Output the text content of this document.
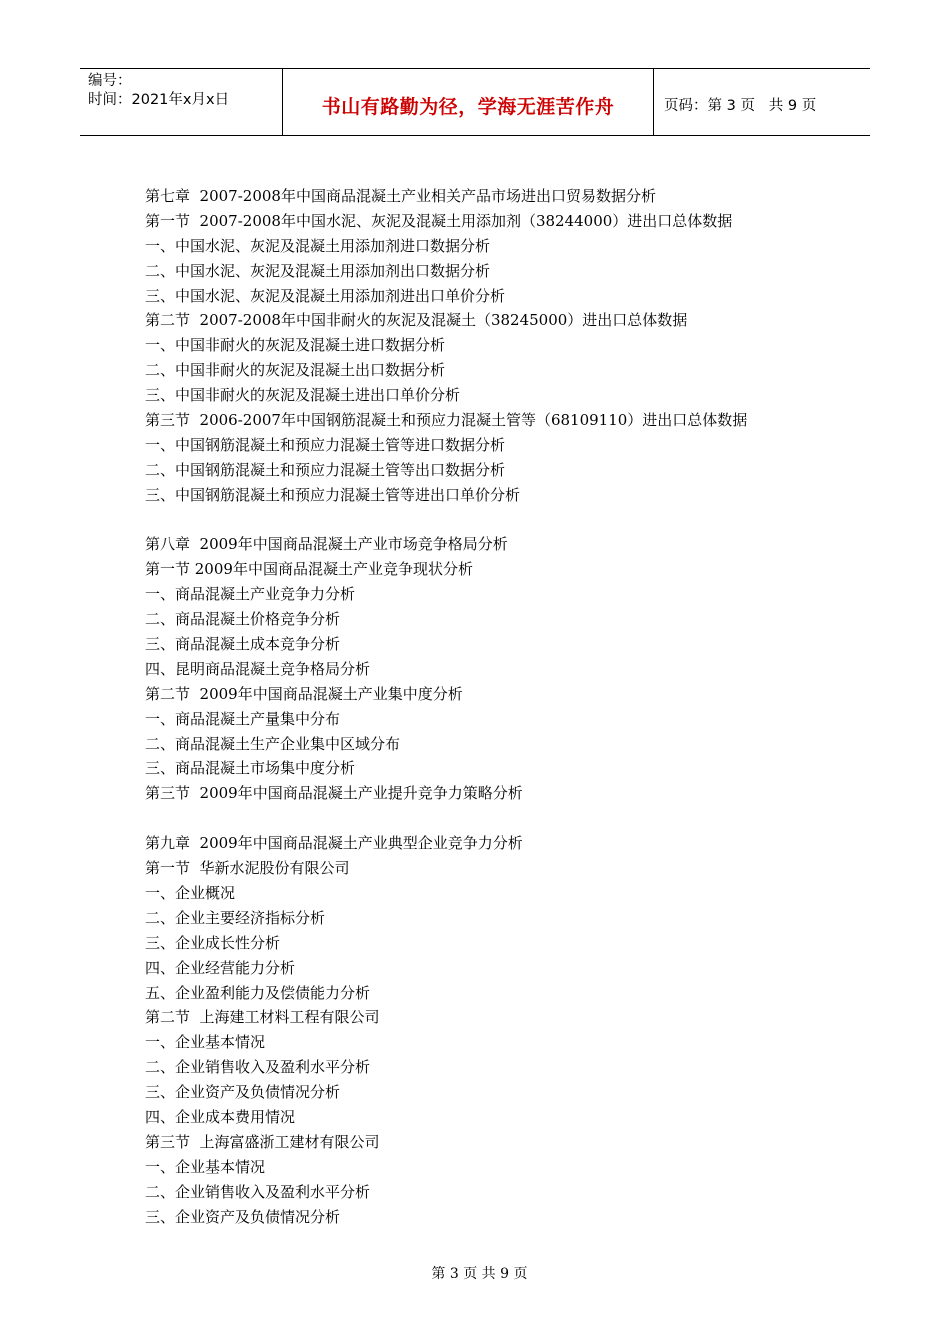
编号：
时间：2021年x月x日	书山有路勤为径，学海无涯苦作舟	页码：第 3 页   共 9 页
第七章  2007-2008年中国商品混凝土产业相关产品市场进出口贸易数据分析
第一节  2007-2008年中国水泥、灰泥及混凝土用添加剂（38244000）进出口总体数据
一、中国水泥、灰泥及混凝土用添加剂进口数据分析
二、中国水泥、灰泥及混凝土用添加剂出口数据分析
三、中国水泥、灰泥及混凝土用添加剂进出口单价分析
第二节  2007-2008年中国非耐火的灰泥及混凝土（38245000）进出口总体数据
一、中国非耐火的灰泥及混凝土进口数据分析
二、中国非耐火的灰泥及混凝土出口数据分析
三、中国非耐火的灰泥及混凝土进出口单价分析
第三节  2006-2007年中国钢筋混凝土和预应力混凝土管等（68109110）进出口总体数据
一、中国钢筋混凝土和预应力混凝土管等进口数据分析
二、中国钢筋混凝土和预应力混凝土管等出口数据分析
三、中国钢筋混凝土和预应力混凝土管等进出口单价分析
第八章  2009年中国商品混凝土产业市场竞争格局分析
第一节 2009年中国商品混凝土产业竞争现状分析
一、商品混凝土产业竞争力分析
二、商品混凝土价格竞争分析
三、商品混凝土成本竞争分析
四、昆明商品混凝土竞争格局分析
第二节  2009年中国商品混凝土产业集中度分析
一、商品混凝土产量集中分布
二、商品混凝土生产企业集中区域分布
三、商品混凝土市场集中度分析
第三节  2009年中国商品混凝土产业提升竞争力策略分析
第九章  2009年中国商品混凝土产业典型企业竞争力分析
第一节  华新水泥股份有限公司
一、企业概况
二、企业主要经济指标分析
三、企业成长性分析
四、企业经营能力分析
五、企业盈利能力及偿债能力分析
第二节  上海建工材料工程有限公司
一、企业基本情况
二、企业销售收入及盈利水平分析
三、企业资产及负债情况分析
四、企业成本费用情况
第三节  上海富盛浙工建材有限公司
一、企业基本情况
二、企业销售收入及盈利水平分析
三、企业资产及负债情况分析

第 3 页 共 9 页
